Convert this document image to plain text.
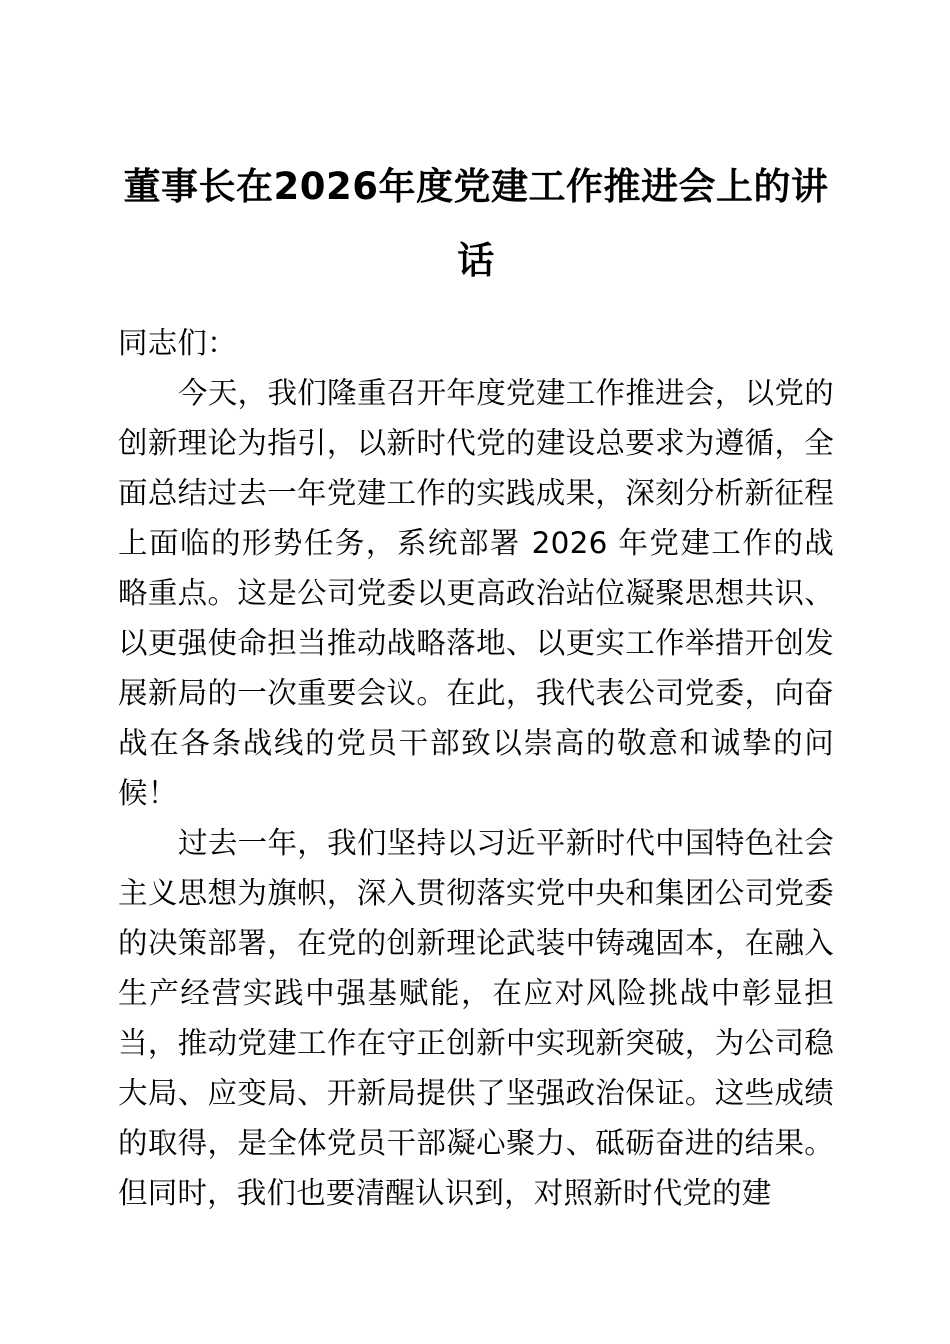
董事长在2026年度党建工作推进会上的讲话

同志们：

今天，我们隆重召开年度党建工作推进会，以党的创新理论为指引，以新时代党的建设总要求为遵循，全面总结过去一年党建工作的实践成果，深刻分析新征程上面临的形势任务，系统部署 2026 年党建工作的战略重点。这是公司党委以更高政治站位凝聚思想共识、以更强使命担当推动战略落地、以更实工作举措开创发展新局的一次重要会议。在此，我代表公司党委，向奋战在各条战线的党员干部致以崇高的敬意和诚挚的问候！

过去一年，我们坚持以习近平新时代中国特色社会主义思想为旗帜，深入贯彻落实党中央和集团公司党委的决策部署，在党的创新理论武装中铸魂固本，在融入生产经营实践中强基赋能，在应对风险挑战中彰显担当，推动党建工作在守正创新中实现新突破，为公司稳大局、应变局、开新局提供了坚强政治保证。这些成绩的取得，是全体党员干部凝心聚力、砥砺奋进的结果。但同时，我们也要清醒认识到，对照新时代党的建
